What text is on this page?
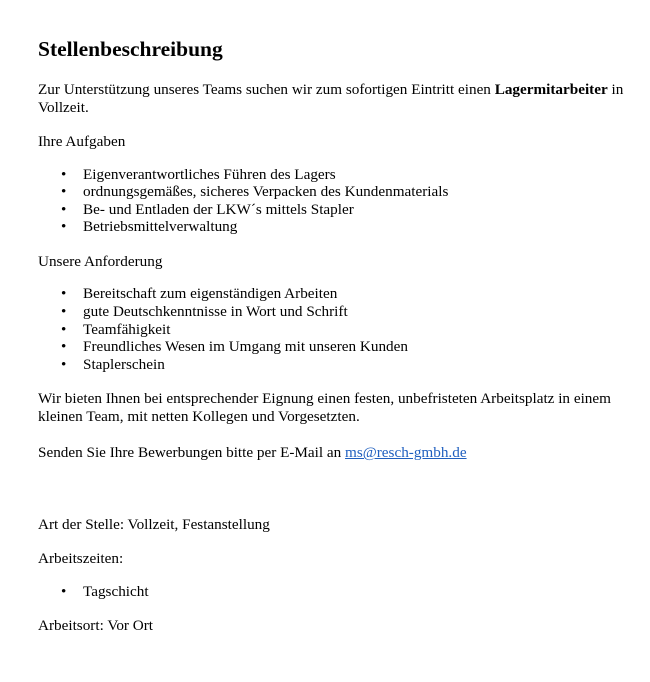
Stellenbeschreibung

Zur Unterstützung unseres Teams suchen wir zum sofortigen Eintritt einen Lagermitarbeiter in Vollzeit.

Ihre Aufgaben

• Eigenverantwortliches Führen des Lagers
• ordnungsgemäßes, sicheres Verpacken des Kundenmaterials
• Be- und Entladen der LKW´s mittels Stapler
• Betriebsmittelverwaltung

Unsere Anforderung

• Bereitschaft zum eigenständigen Arbeiten
• gute Deutschkenntnisse in Wort und Schrift
• Teamfähigkeit
• Freundliches Wesen im Umgang mit unseren Kunden
• Staplerschein

Wir bieten Ihnen bei entsprechender Eignung einen festen, unbefristeten Arbeitsplatz in einem kleinen Team, mit netten Kollegen und Vorgesetzten.

Senden Sie Ihre Bewerbungen bitte per E-Mail an ms@resch-gmbh.de

Art der Stelle: Vollzeit, Festanstellung

Arbeitszeiten:

• Tagschicht

Arbeitsort: Vor Ort
